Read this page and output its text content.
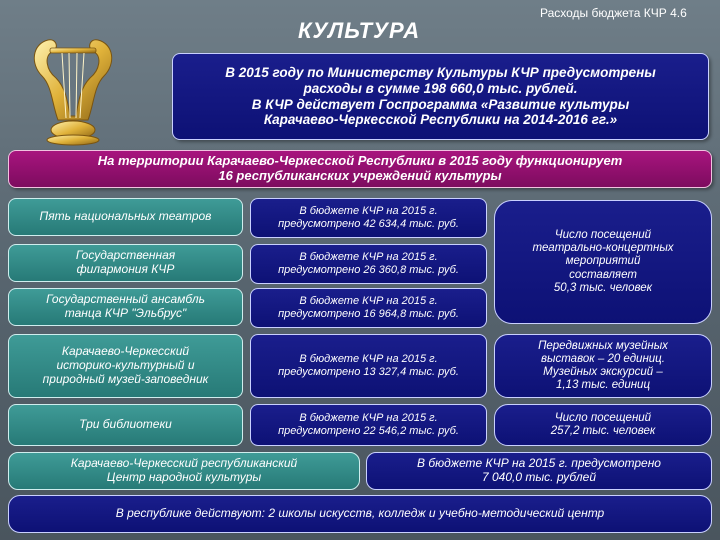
Расходы бюджета КЧР 4.6
КУЛЬТУРА
В 2015 году по Министерству Культуры КЧР предусмотрены
расходы в сумме 198 660,0 тыс. рублей.
В КЧР действует Госпрограмма «Развитие культуры
Карачаево-Черкесской Республики на 2014-2016 гг.»
На территории Карачаево-Черкесской Республики в 2015 году функционирует
16 республиканских учреждений культуры
Пять национальных театров	В бюджете КЧР на 2015 г.
предусмотрено 42 634,4 тыс. руб.
Государственная
филармония КЧР
В бюджете КЧР на 2015 г.
предусмотрено 26 360,8 тыс. руб.
Государственный ансамбль
танца КЧР "Эльбрус"
В бюджете КЧР на 2015 г.
предусмотрено 16 964,8 тыс. руб.
Число посещений
театрально-концертных
мероприятий
составляет
50,3 тыс. человек
Карачаево-Черкесский
историко-культурный и
природный музей-заповедник
В бюджете КЧР на 2015 г.
предусмотрено 13 327,4 тыс. руб.
Передвижных музейных
выставок – 20 единиц.
Музейных экскурсий –
1,13 тыс. единиц
Три библиотеки	В бюджете КЧР на 2015 г.
предусмотрено 22 546,2 тыс. руб.
Число посещений
257,2 тыс. человек
Карачаево-Черкесский республиканский
Центр народной культуры
В бюджете КЧР на 2015 г. предусмотрено
7 040,0 тыс. рублей
В республике действуют: 2 школы искусств, колледж и учебно-методический центр
